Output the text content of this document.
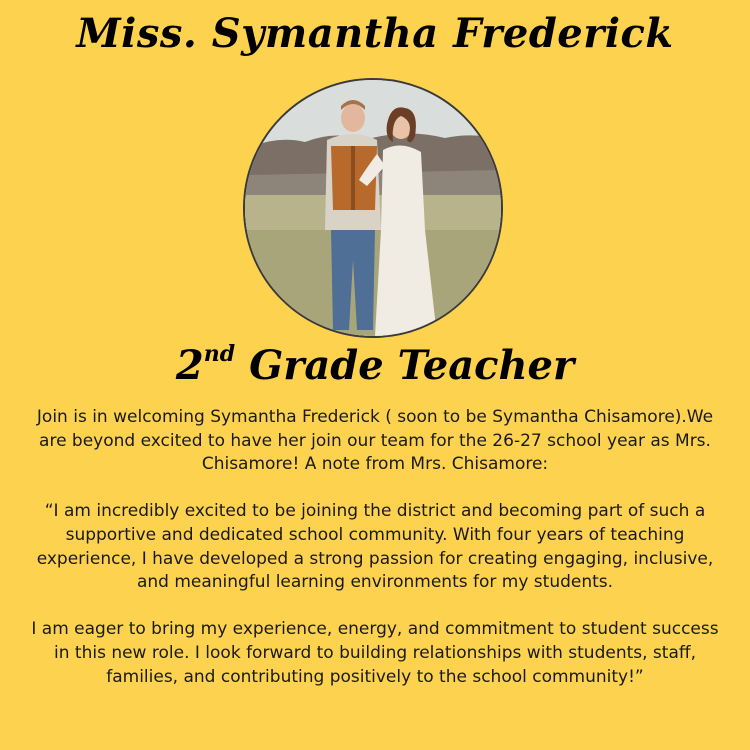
Miss. Symantha Frederick
2nd Grade Teacher

Join is in welcoming Symantha Frederick ( soon to be Symantha Chisamore).We are beyond excited to have her join our team for the 26-27 school year as Mrs. Chisamore! A note from Mrs. Chisamore:

“I am incredibly excited to be joining the district and becoming part of such a supportive and dedicated school community. With four years of teaching experience, I have developed a strong passion for creating engaging, inclusive, and meaningful learning environments for my students.

I am eager to bring my experience, energy, and commitment to student success in this new role. I look forward to building relationships with students, staff, families, and contributing positively to the school community!”
